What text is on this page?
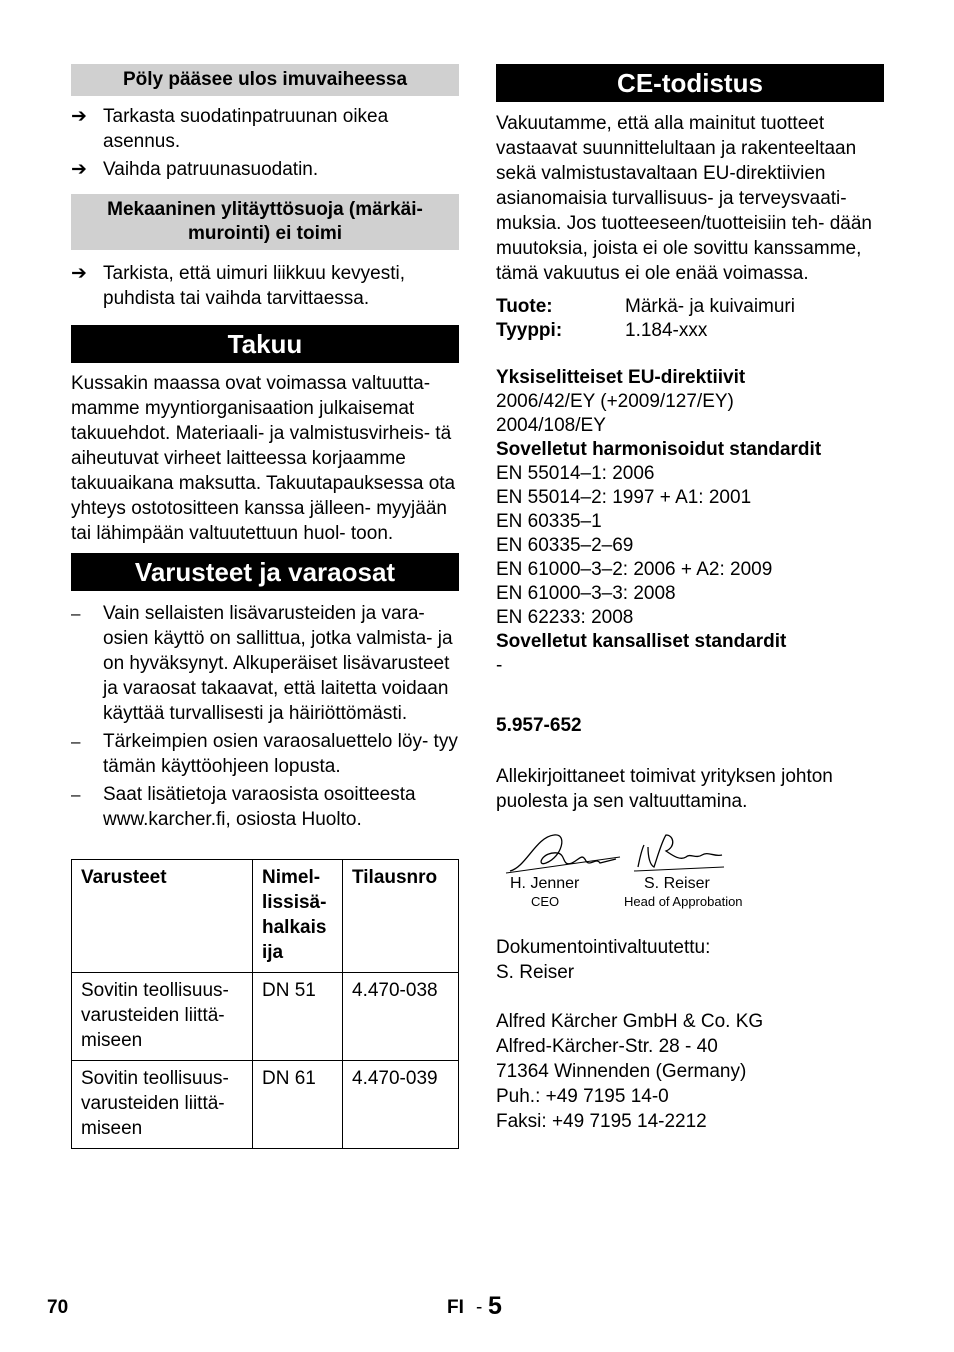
Pöly pääsee ulos imuvaiheessa
➔ Tarkasta suodatinpatruunan oikea asennus.
➔ Vaihda patruunasuodatin.
Mekaaninen ylitäyttösuoja (märkäi- murointi) ei toimi
➔ Tarkista, että uimuri liikkuu kevyesti, puhdista tai vaihda tarvittaessa.
Takuu
Kussakin maassa ovat voimassa valtuutta- mamme myyntiorganisaation julkaisemat takuuehdot. Materiaali- ja valmistusvirheis- tä aiheutuvat virheet laitteessa korjaamme takuuaikana maksutta. Takuutapauksessa ota yhteys ostotositteen kanssa jälleen- myyjään tai lähimpään valtuutettuun huol- toon.
Varusteet ja varaosat
– Vain sellaisten lisävarusteiden ja vara- osien käyttö on sallittua, jotka valmista- ja on hyväksynyt. Alkuperäiset lisävarusteet ja varaosat takaavat, että laitetta voidaan käyttää turvallisesti ja häiriöttömästi.
– Tärkeimpien osien varaosaluettelo löy- tyy tämän käyttöohjeen lopusta.
– Saat lisätietoja varaosista osoitteesta www.karcher.fi, osiosta Huolto.
Varusteet	Nimel- lissisä- halkais ija	Tilausnro
Sovitin teollisuus- varusteiden liittä- miseen	DN 51	4.470-038
Sovitin teollisuus- varusteiden liittä- miseen	DN 61	4.470-039
CE-todistus
Vakuutamme, että alla mainitut tuotteet vastaavat suunnittelultaan ja rakenteeltaan sekä valmistustavaltaan EU-direktiivien asianomaisia turvallisuus- ja terveysvaati- muksia. Jos tuotteeseen/tuotteisiin teh- dään muutoksia, joista ei ole sovittu kanssamme, tämä vakuutus ei ole enää voimassa.
Tuote:	Märkä- ja kuivaimuri
Tyyppi:	1.184-xxx
Yksiselitteiset EU-direktiivit
2006/42/EY (+2009/127/EY)
2004/108/EY
Sovelletut harmonisoidut standardit
EN 55014–1: 2006
EN 55014–2: 1997 + A1: 2001
EN 60335–1
EN 60335–2–69
EN 61000–3–2: 2006 + A2: 2009
EN 61000–3–3: 2008
EN 62233: 2008
Sovelletut kansalliset standardit
-
5.957-652
Allekirjoittaneet toimivat yrityksen johton puolesta ja sen valtuuttamina.
H. Jenner
CEO
S. Reiser
Head of Approbation
Dokumentointivaltuutettu:
S. Reiser
Alfred Kärcher GmbH & Co. KG
Alfred-Kärcher-Str. 28 - 40
71364 Winnenden (Germany)
Puh.: +49 7195 14-0
Faksi: +49 7195 14-2212
70	FI - 5
